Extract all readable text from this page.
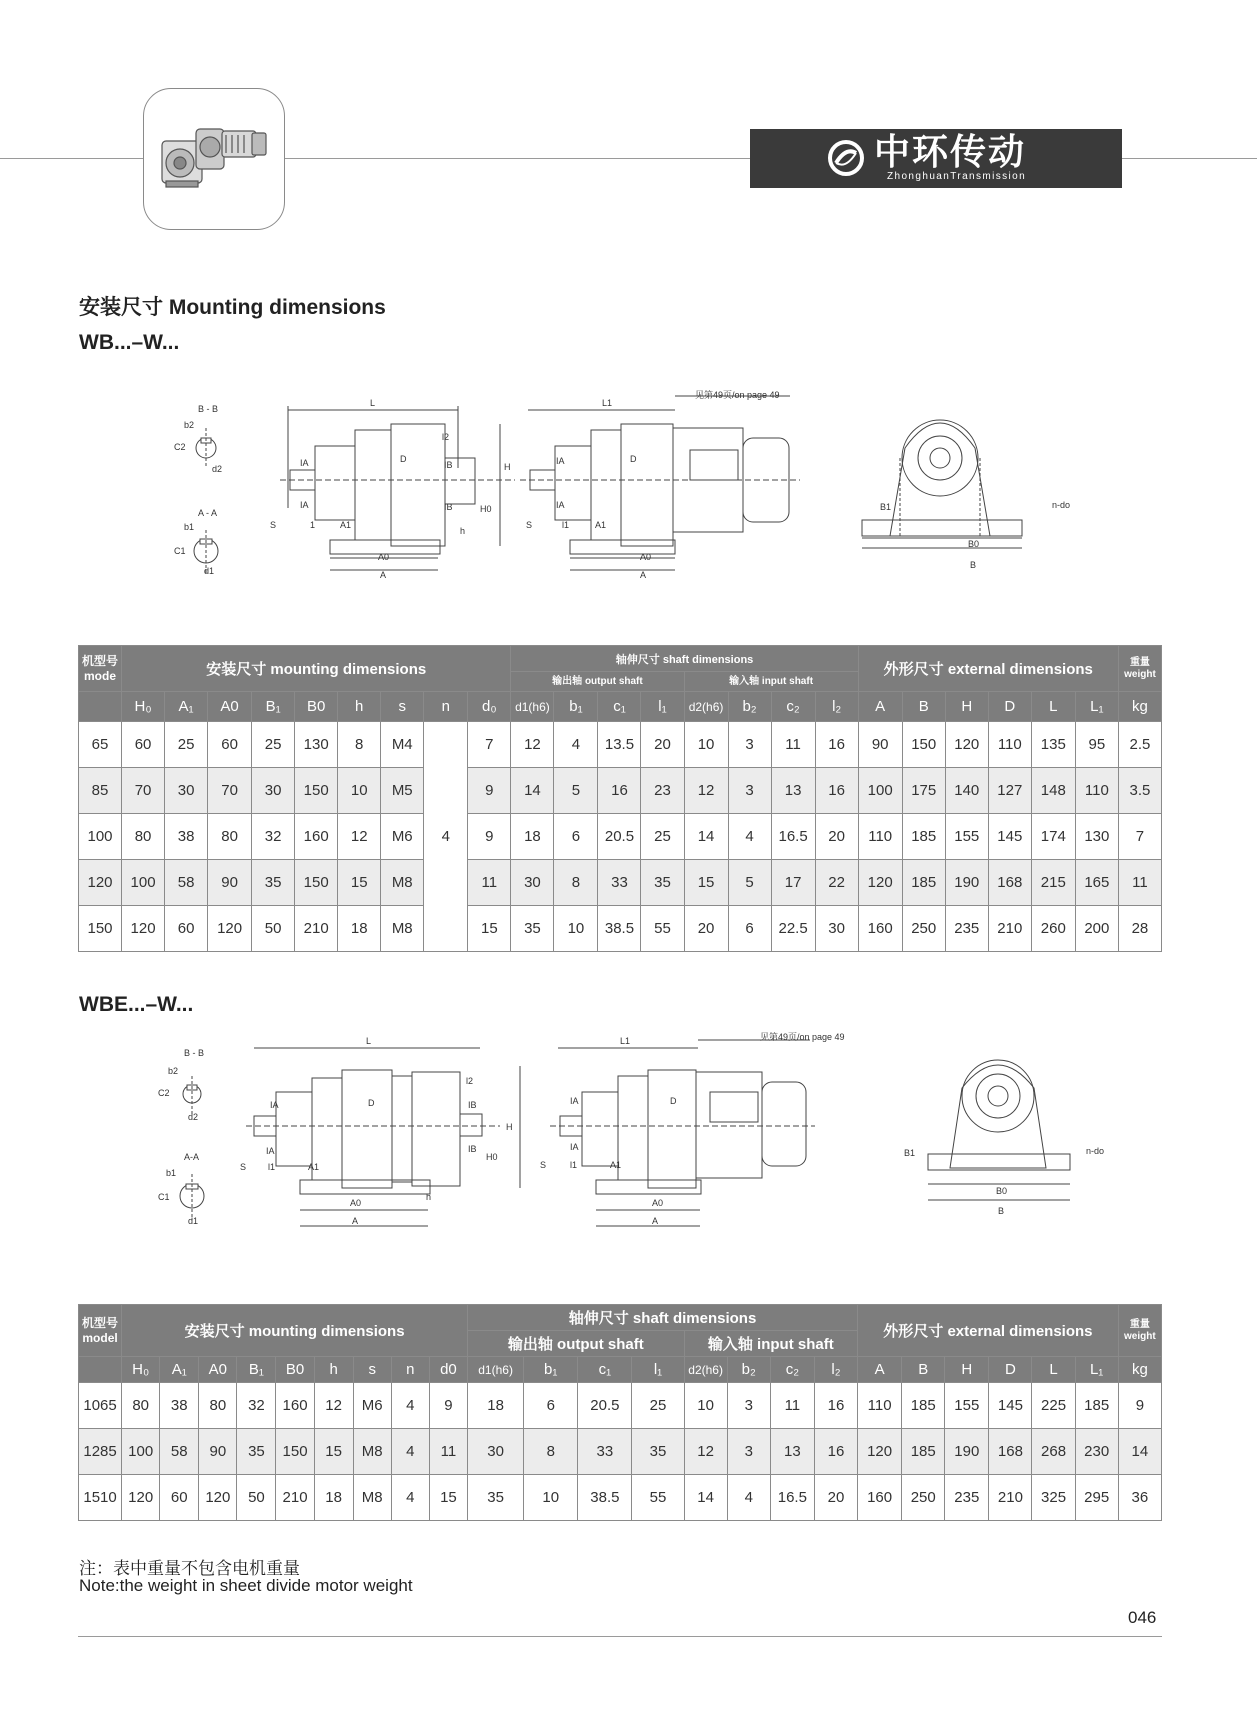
中环传动
ZhonghuanTransmission
安装尺寸 Mounting dimensions
WB...–W...
B - B
b2
C2
d2
A - A
b1
C1
d1
L
IA
IA
IB
IB
D
H
H0
l2
S	1	A1
A0
A
h
L1
见第49页/on page 49
IA
IA
D
S	l1	A1
A0
A
B1	n-do
B0
B
机型号
mode	安装尺寸 mounting dimensions									轴伸尺寸 shaft dimensions								外形尺寸 external dimensions						重量
weight
										输出轴 output shaft				输入轴 input shaft										
	H₀	A₁	A0	B₁	B0	h	s	n	d₀	d1(h6)	b₁	c₁	l₁	d2(h6)	b₂	c₂	l₂	A	B	H	D	L	L₁	kg
65	60	25	60	25	130	8	M4	4	7	12	4	13.5	20	10	3	11	16	90	150	120	110	135	95	2.5
85	70	30	70	30	150	10	M5		9	14	5	16	23	12	3	13	16	100	175	140	127	148	110	3.5
100	80	38	80	32	160	12	M6		9	18	6	20.5	25	14	4	16.5	20	110	185	155	145	174	130	7
120	100	58	90	35	150	15	M8		11	30	8	33	35	15	5	17	22	120	185	190	168	215	165	11
150	120	60	120	50	210	18	M8		15	35	10	38.5	55	20	6	22.5	30	160	250	235	210	260	200	28
WBE...–W...
B - B
b2
C2
d2
A-A
b1
C1
d1
L
IA
IA
IB
IB
D
H
H0
l2
S l1	A1
A0
A
h
L1	见第49页/on page 49
IA
IA
D
S	l1	A1
A0
A
B1	n-do
B0
B
机型号
model	安装尺寸 mounting dimensions									轴伸尺寸 shaft dimensions								外形尺寸 external dimensions						重量
weight
										输出轴 output shaft				输入轴 input shaft										
	H₀	A₁	A0	B₁	B0	h	s	n	d0	d1(h6)	b₁	c₁	l₁	d2(h6)	b₂	c₂	l₂	A	B	H	D	L	L₁	kg
1065	80	38	80	32	160	12	M6	4	9	18	6	20.5	25	10	3	11	16	110	185	155	145	225	185	9
1285	100	58	90	35	150	15	M8	4	11	30	8	33	35	12	3	13	16	120	185	190	168	268	230	14
1510	120	60	120	50	210	18	M8	4	15	35	10	38.5	55	14	4	16.5	20	160	250	235	210	325	295	36
注：表中重量不包含电机重量
Note:the weight in sheet divide motor weight
046
